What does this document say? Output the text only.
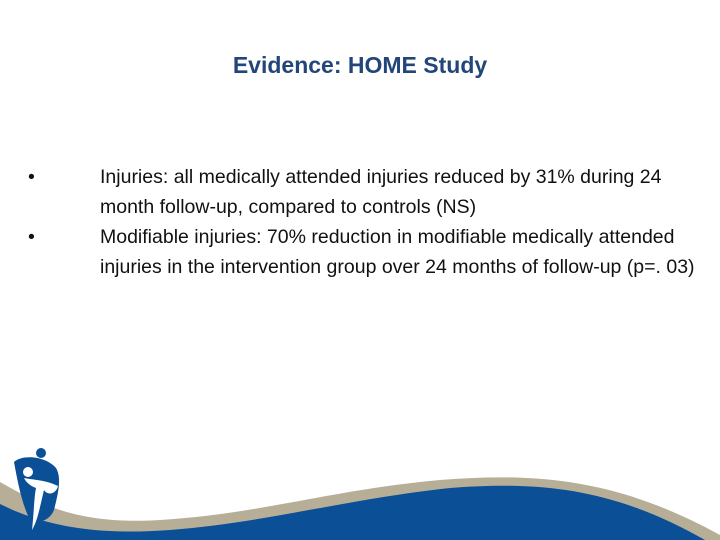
Evidence: HOME Study
•	Injuries: all medically attended injuries reduced by 31% during 24 month follow-up, compared to controls (NS)
•	Modifiable injuries: 70% reduction in modifiable medically attended injuries in the intervention group over 24 months of follow-up (p=. 03)
